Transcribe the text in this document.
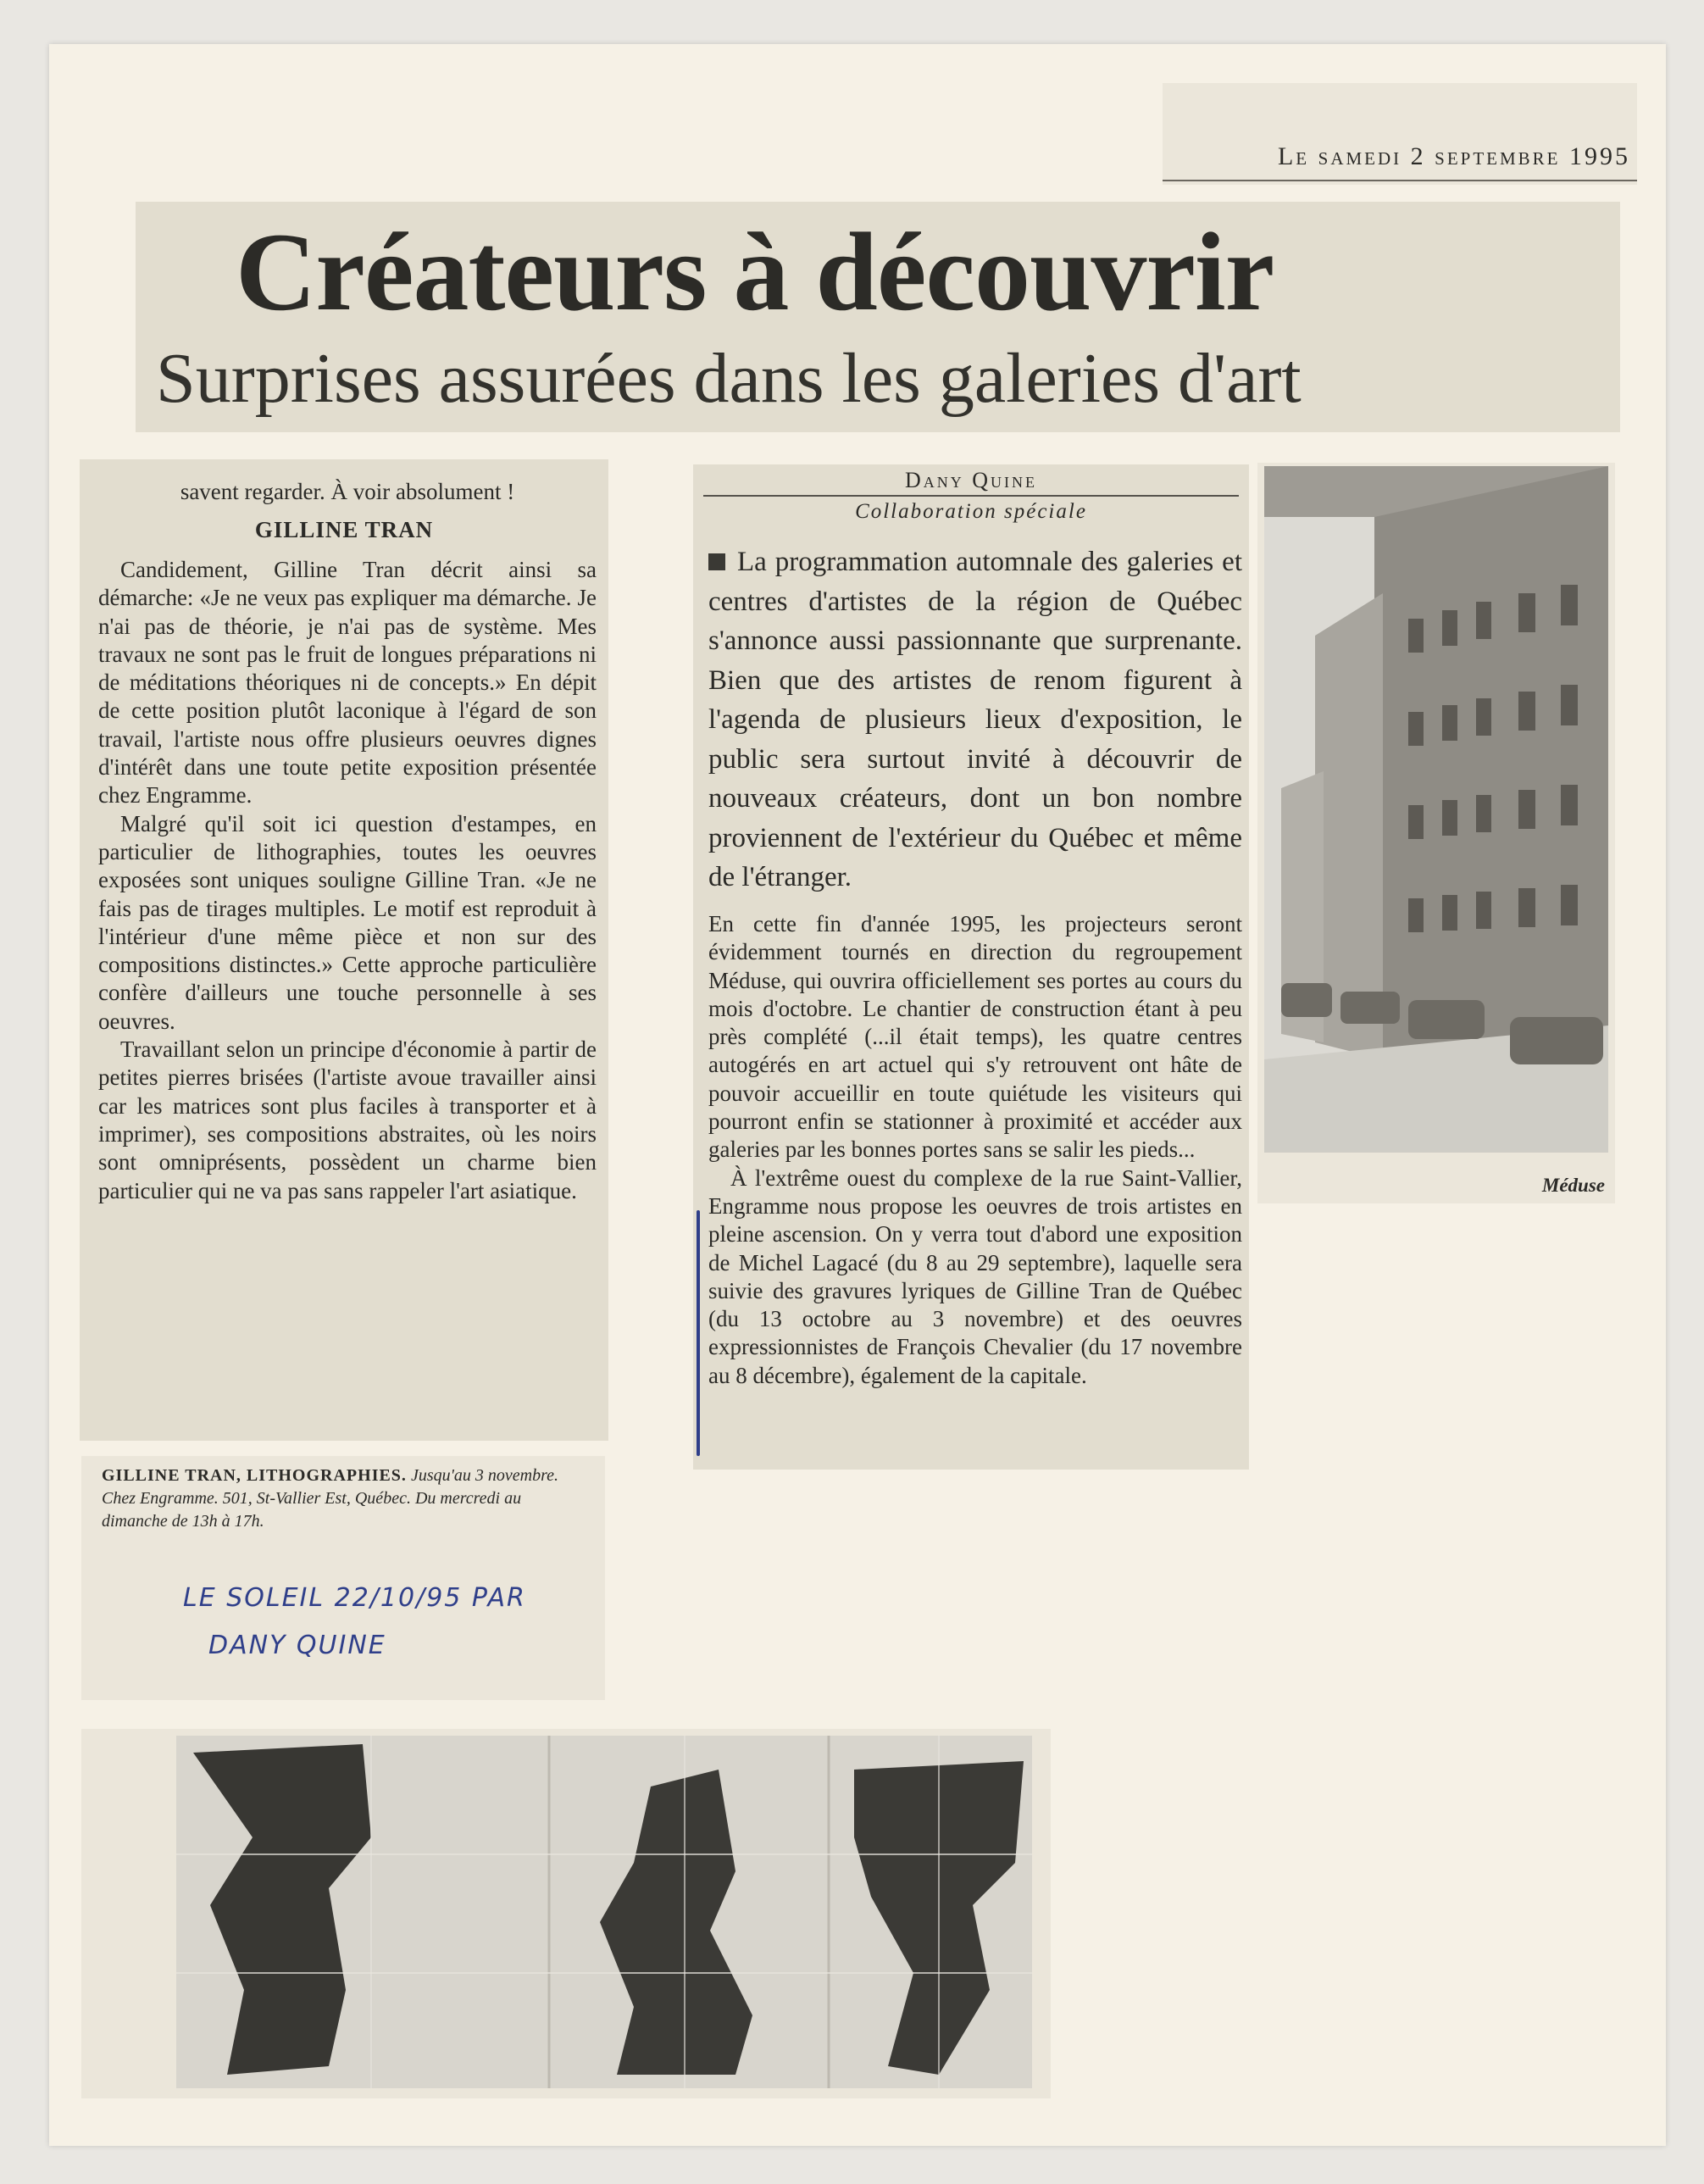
Le samedi 2 septembre 1995
Créateurs à découvrir
Surprises assurées dans les galeries d'art
savent regarder. À voir absolument !
GILLINE TRAN

Candidement, Gilline Tran décrit ainsi sa démarche: «Je ne veux pas expliquer ma démarche. Je n'ai pas de théorie, je n'ai pas de système. Mes travaux ne sont pas le fruit de longues préparations ni de méditations théoriques ni de concepts.» En dépit de cette position plutôt laconique à l'égard de son travail, l'artiste nous offre plusieurs oeuvres dignes d'intérêt dans une toute petite exposition présentée chez Engramme.

Malgré qu'il soit ici question d'estampes, en particulier de lithographies, toutes les oeuvres exposées sont uniques souligne Gilline Tran. «Je ne fais pas de tirages multiples. Le motif est reproduit à l'intérieur d'une même pièce et non sur des compositions distinctes.» Cette approche particulière confère d'ailleurs une touche personnelle à ses oeuvres.

Travaillant selon un principe d'économie à partir de petites pierres brisées (l'artiste avoue travailler ainsi car les matrices sont plus faciles à transporter et à imprimer), ses compositions abstraites, où les noirs sont omniprésents, possèdent un charme bien particulier qui ne va pas sans rappeler l'art asiatique.

GILLINE TRAN, LITHOGRAPHIES. Jusqu'au 3 novembre. Chez Engramme. 501, St-Vallier Est, Québec. Du mercredi au dimanche de 13h à 17h.
LE SOLEIL 22/10/95 PAR
DANY QUINE
Dany Quine
Collaboration spéciale
La programmation automnale des galeries et centres d'artistes de la région de Québec s'annonce aussi passionnante que surprenante. Bien que des artistes de renom figurent à l'agenda de plusieurs lieux d'exposition, le public sera surtout invité à découvrir de nouveaux créateurs, dont un bon nombre proviennent de l'extérieur du Québec et même de l'étranger.

En cette fin d'année 1995, les projecteurs seront évidemment tournés en direction du regroupement Méduse, qui ouvrira officiellement ses portes au cours du mois d'octobre. Le chantier de construction étant à peu près complété (...il était temps), les quatre centres autogérés en art actuel qui s'y retrouvent ont hâte de pouvoir accueillir en toute quiétude les visiteurs qui pourront enfin se stationner à proximité et accéder aux galeries par les bonnes portes sans se salir les pieds...

À l'extrême ouest du complexe de la rue Saint-Vallier, Engramme nous propose les oeuvres de trois artistes en pleine ascension. On y verra tout d'abord une exposition de Michel Lagacé (du 8 au 29 septembre), laquelle sera suivie des gravures lyriques de Gilline Tran de Québec (du 13 octobre au 3 novembre) et des oeuvres expressionnistes de François Chevalier (du 17 novembre au 8 décembre), également de la capitale.

Méduse
